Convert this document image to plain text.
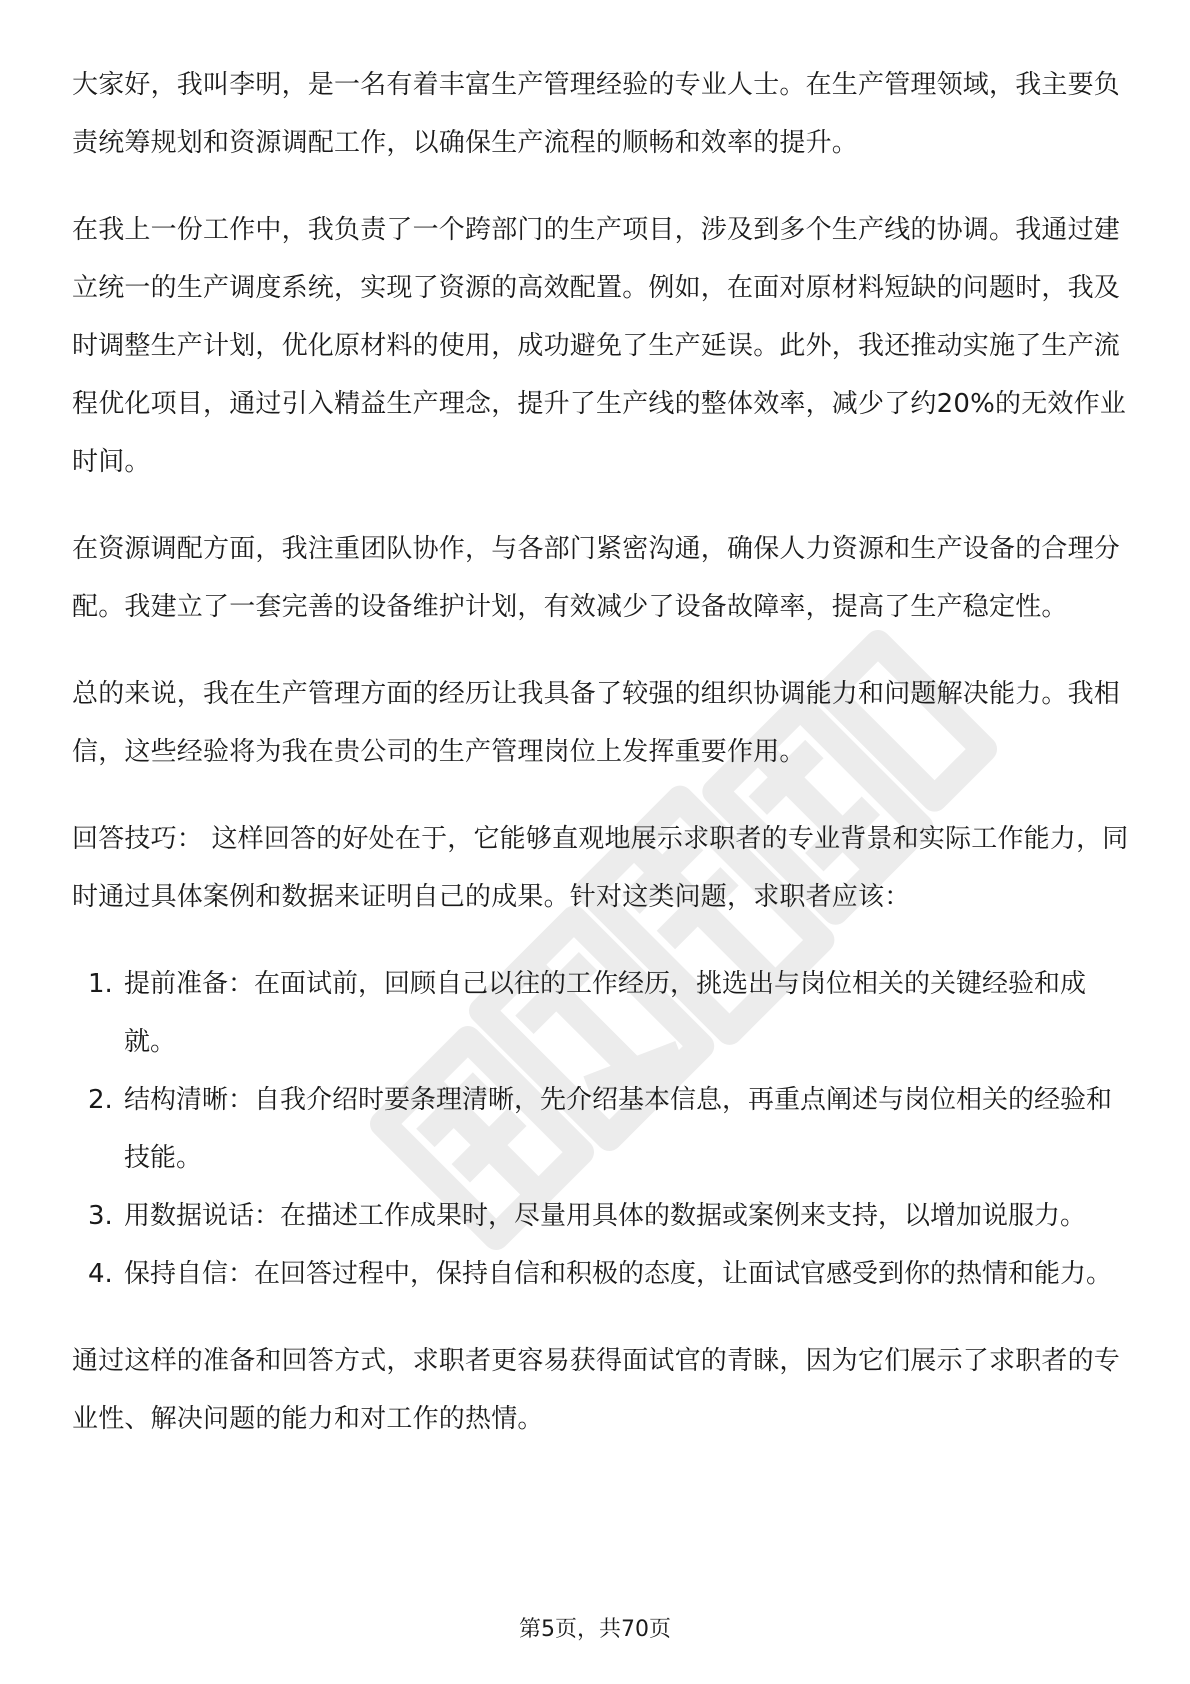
大家好，我叫李明，是一名有着丰富生产管理经验的专业人士。在生产管理领域，我主要负责统筹规划和资源调配工作，以确保生产流程的顺畅和效率的提升。

在我上一份工作中，我负责了一个跨部门的生产项目，涉及到多个生产线的协调。我通过建立统一的生产调度系统，实现了资源的高效配置。例如，在面对原材料短缺的问题时，我及时调整生产计划，优化原材料的使用，成功避免了生产延误。此外，我还推动实施了生产流程优化项目，通过引入精益生产理念，提升了生产线的整体效率，减少了约20%的无效作业时间。

在资源调配方面，我注重团队协作，与各部门紧密沟通，确保人力资源和生产设备的合理分配。我建立了一套完善的设备维护计划，有效减少了设备故障率，提高了生产稳定性。

总的来说，我在生产管理方面的经历让我具备了较强的组织协调能力和问题解决能力。我相信，这些经验将为我在贵公司的生产管理岗位上发挥重要作用。

回答技巧： 这样回答的好处在于，它能够直观地展示求职者的专业背景和实际工作能力，同时通过具体案例和数据来证明自己的成果。针对这类问题，求职者应该：

1. 提前准备：在面试前，回顾自己以往的工作经历，挑选出与岗位相关的关键经验和成就。
2. 结构清晰：自我介绍时要条理清晰，先介绍基本信息，再重点阐述与岗位相关的经验和技能。
3. 用数据说话：在描述工作成果时，尽量用具体的数据或案例来支持，以增加说服力。
4. 保持自信：在回答过程中，保持自信和积极的态度，让面试官感受到你的热情和能力。

通过这样的准备和回答方式，求职者更容易获得面试官的青睐，因为它们展示了求职者的专业性、解决问题的能力和对工作的热情。

第5页，共70页
